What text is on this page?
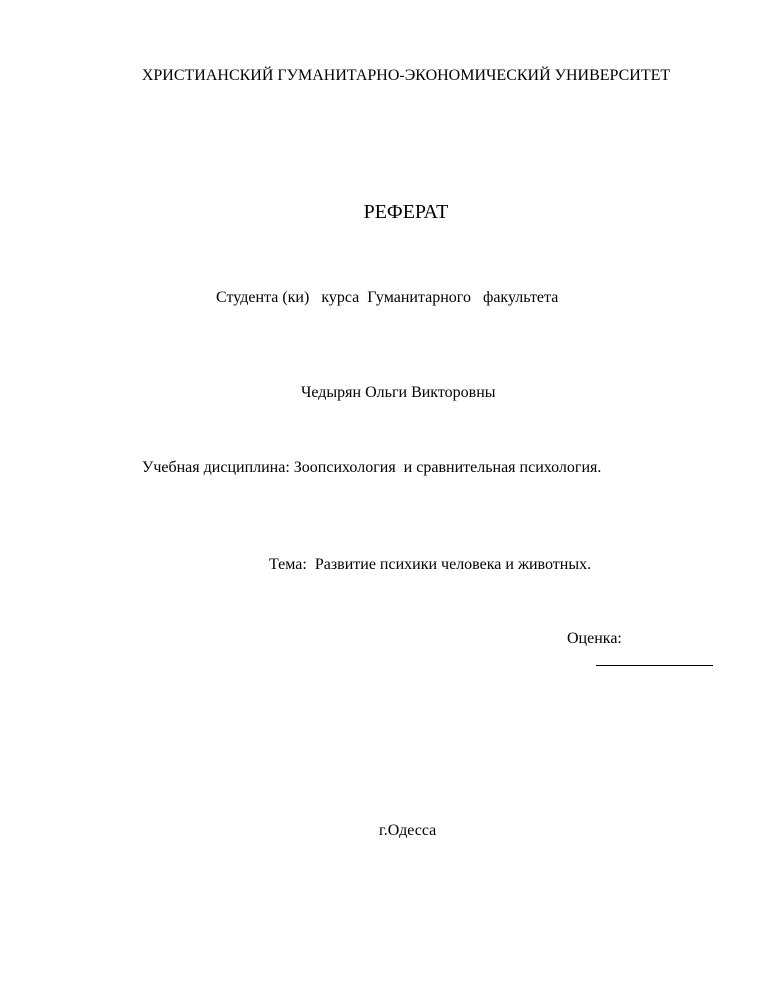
ХРИСТИАНСКИЙ ГУМАНИТАРНО-ЭКОНОМИЧЕСКИЙ УНИВЕРСИТЕТ
РЕФЕРАТ
Студента (ки)   курса  Гуманитарного   факультета
Чедырян Ольги Викторовны
Учебная дисциплина: Зоопсихология  и сравнительная психология.
Тема:  Развитие психики человека и животных.
Оценка:
г.Одесса
